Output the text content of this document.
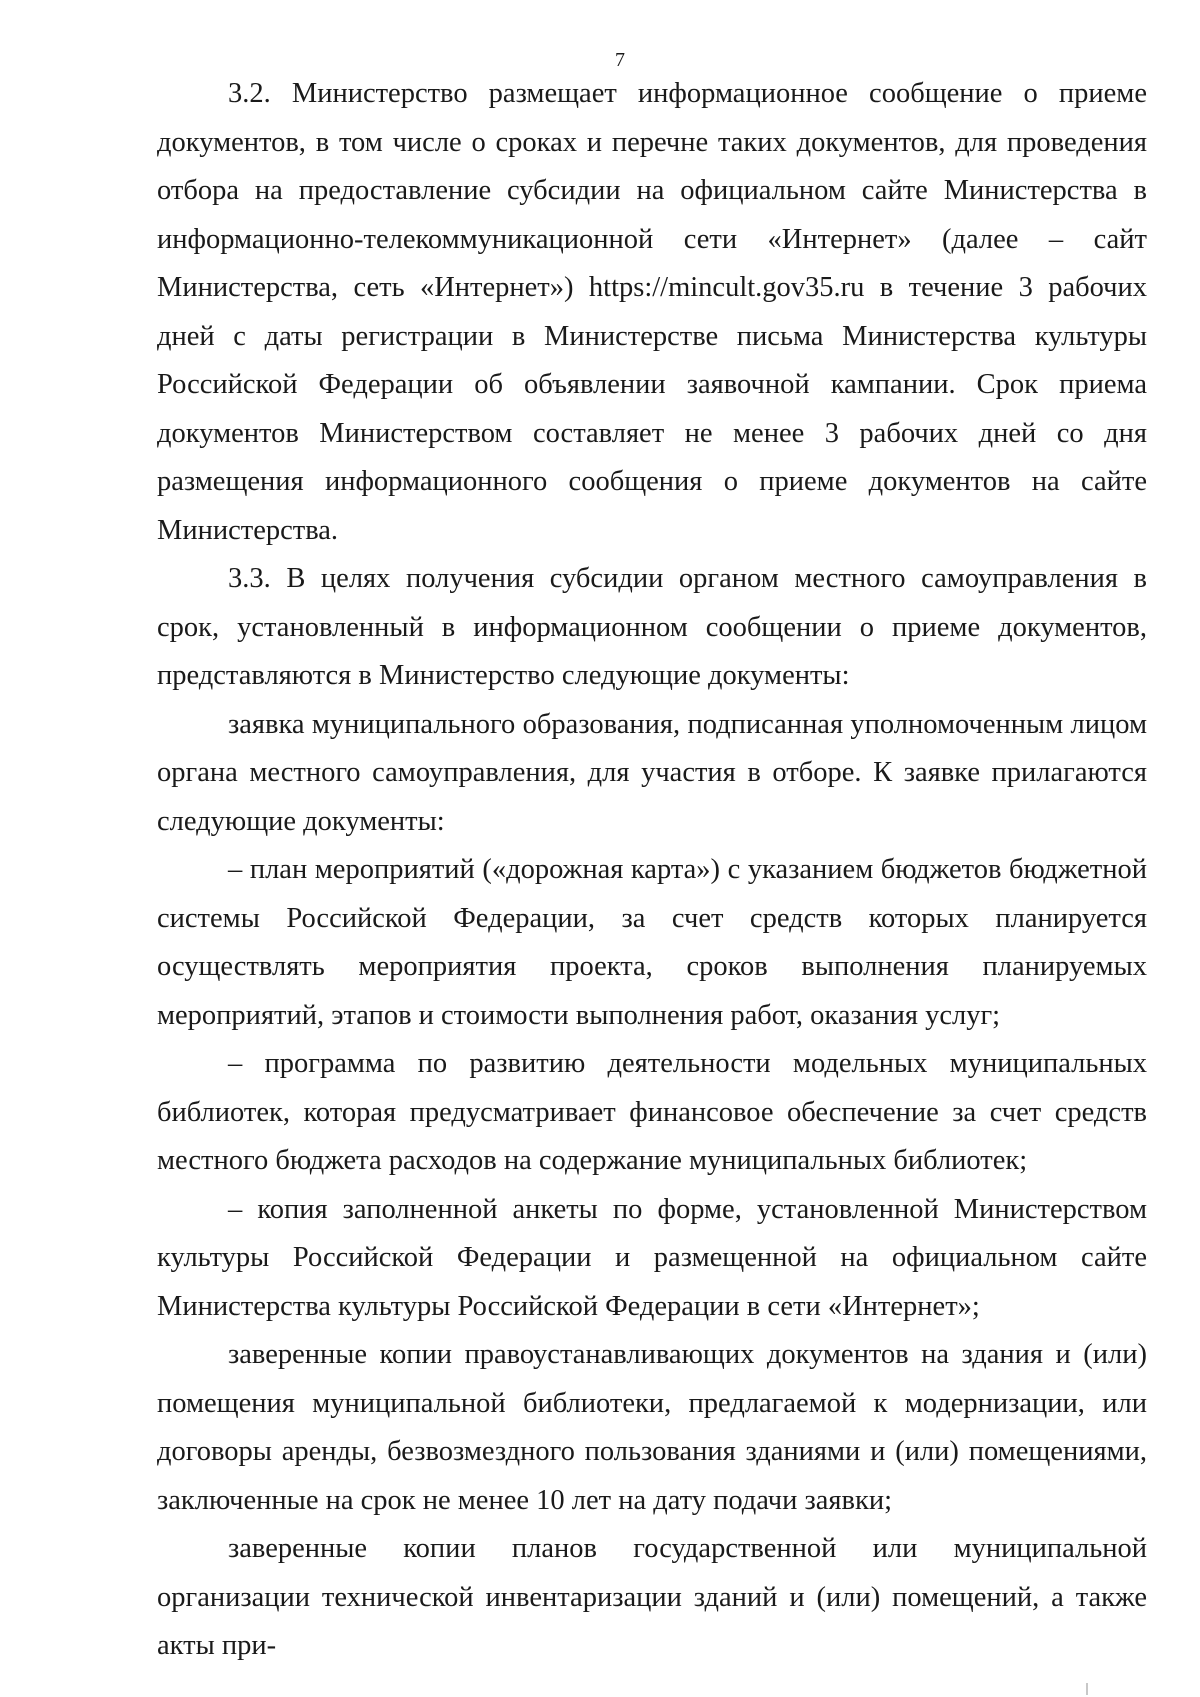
7

3.2. Министерство размещает информационное сообщение о приеме документов, в том числе о сроках и перечне таких документов, для проведения отбора на предоставление субсидии на официальном сайте Министерства в информационно-телекоммуникационной сети «Интернет» (далее – сайт Министерства, сеть «Интернет») https://mincult.gov35.ru в течение 3 рабочих дней с даты регистрации в Министерстве письма Министерства культуры Российской Федерации об объявлении заявочной кампании. Срок приема документов Министерством составляет не менее 3 рабочих дней со дня размещения информационного сообщения о приеме документов на сайте Министерства.

3.3. В целях получения субсидии органом местного самоуправления в срок, установленный в информационном сообщении о приеме документов, представляются в Министерство следующие документы:

заявка муниципального образования, подписанная уполномоченным лицом органа местного самоуправления, для участия в отборе. К заявке прилагаются следующие документы:

– план мероприятий («дорожная карта») с указанием бюджетов бюджетной системы Российской Федерации, за счет средств которых планируется осуществлять мероприятия проекта, сроков выполнения планируемых мероприятий, этапов и стоимости выполнения работ, оказания услуг;

– программа по развитию деятельности модельных муниципальных библиотек, которая предусматривает финансовое обеспечение за счет средств местного бюджета расходов на содержание муниципальных библиотек;

– копия заполненной анкеты по форме, установленной Министерством культуры Российской Федерации и размещенной на официальном сайте Министерства культуры Российской Федерации в сети «Интернет»;

заверенные копии правоустанавливающих документов на здания и (или) помещения муниципальной библиотеки, предлагаемой к модернизации, или договоры аренды, безвозмездного пользования зданиями и (или) помещениями, заключенные на срок не менее 10 лет на дату подачи заявки;

заверенные копии планов государственной или муниципальной организации технической инвентаризации зданий и (или) помещений, а также акты при-
